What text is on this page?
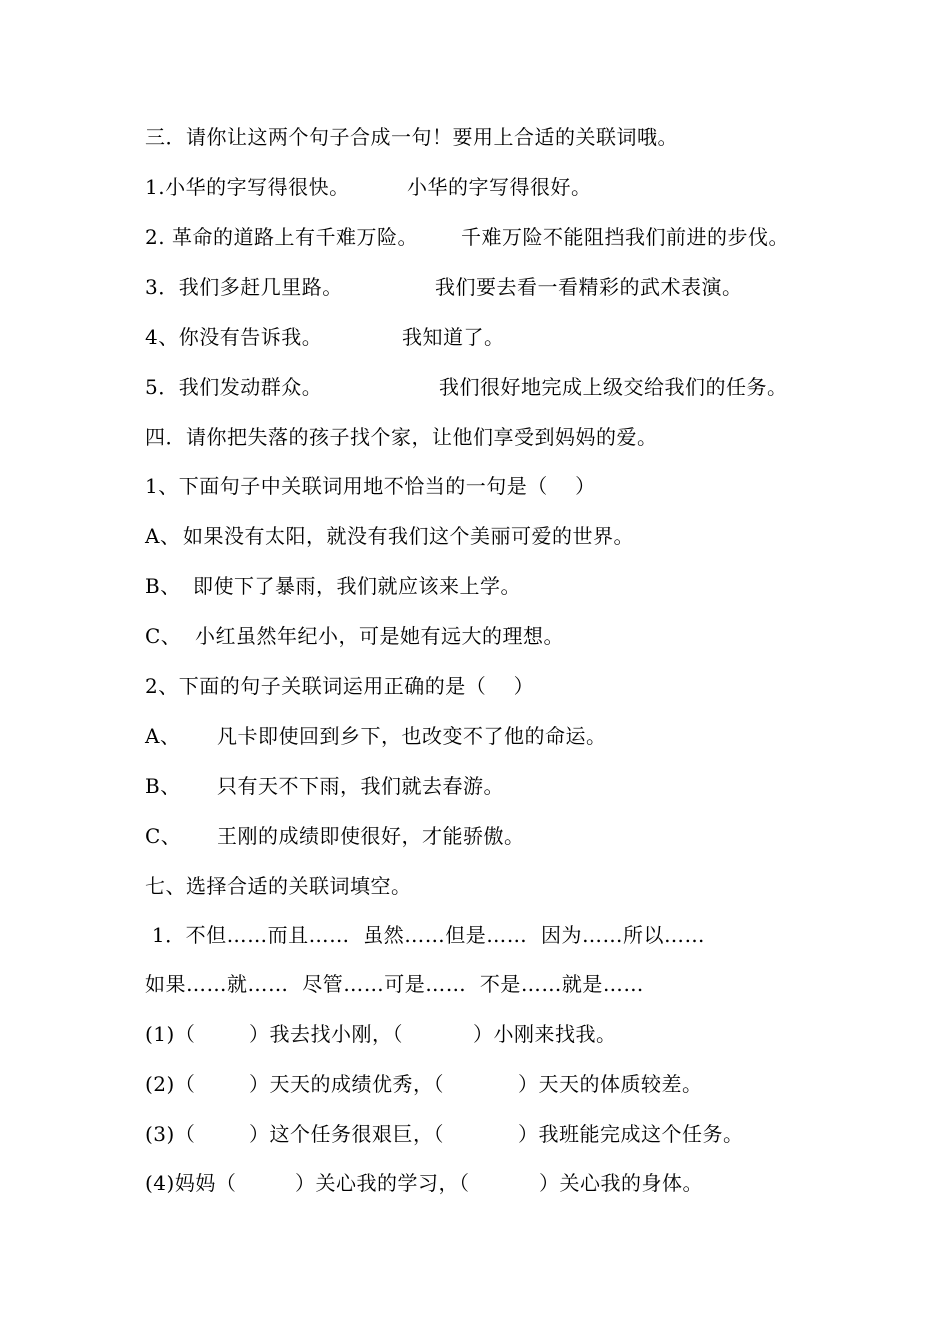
三．请你让这两个句子合成一句！要用上合适的关联词哦。

1.小华的字写得很快。

	小华的字写得很好。

2. 革命的道路上有千难万险。

千难万险不能阻挡我们前进的步伐。

3．我们多赶几里路。

	我们要去看一看精彩的武术表演。

4、你没有告诉我。

	我知道了。

5．我们发动群众。

	我们很好地完成上级交给我们的任务。

四．请你把失落的孩子找个家，让他们享受到妈妈的爱。
1、下面句子中关联词用地不恰当的一句是（    ）

A、

如果没有太阳，就没有我们这个美丽可爱的世界。

B、

即使下了暴雨，我们就应该来上学。

C、

小红虽然年纪小，可是她有远大的理想。

2、下面的句子关联词运用正确的是（    ）

A、

凡卡即使回到乡下，也改变不了他的命运。

B、

只有天不下雨，我们就去春游。

C、

王刚的成绩即使很好，才能骄傲。

七、选择合适的关联词填空。
1．不但……而且……  虽然……但是……  因为……所以……
如果……就……  尽管……可是……  不是……就是……

(1)（

	）我去找小刚，（

	）小刚来找我。

(2)（

	）天天的成绩优秀，（

	）天天的体质较差。

(3)（

	）这个任务很艰巨，（

	）我班能完成这个任务。

(4)妈妈（

	）关心我的学习，（

	）关心我的身体。
